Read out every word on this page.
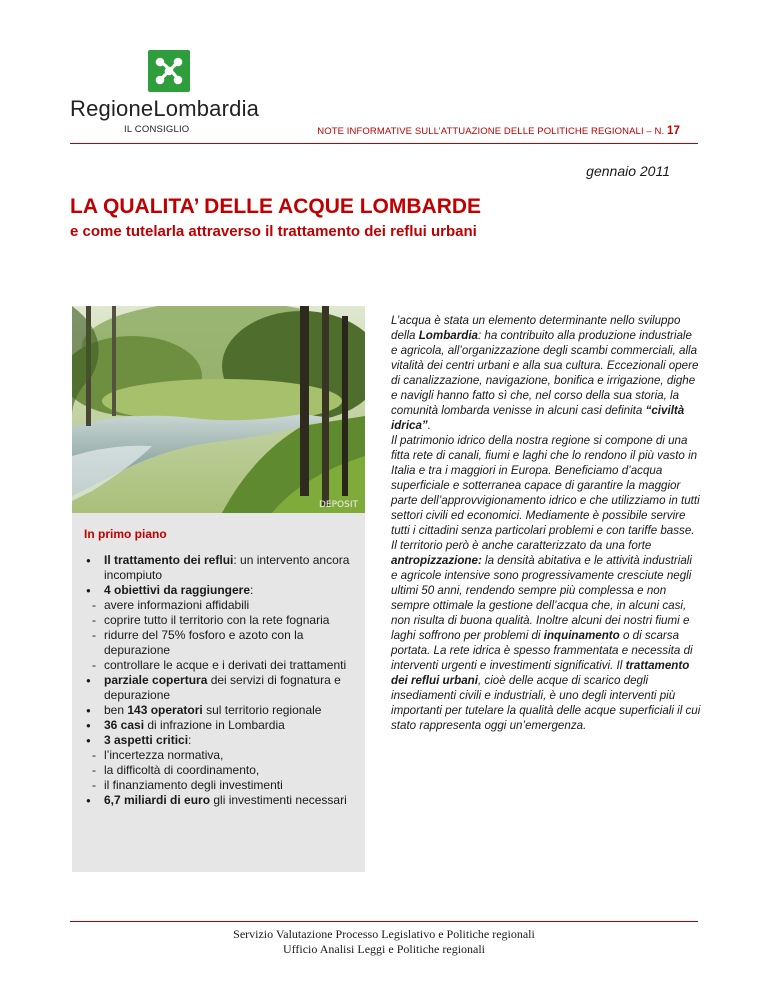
RegioneLombardia
IL CONSIGLIO	NOTE INFORMATIVE SULL’ATTUAZIONE DELLE POLITICHE REGIONALI – N. 17
gennaio 2011
LA QUALITA’ DELLE ACQUE LOMBARDE
e come tutelarla attraverso il trattamento dei reflui urbani
DEPOSIT
In primo piano
● Il trattamento dei reflui: un intervento ancora incompiuto
● 4 obiettivi da raggiungere:
- avere informazioni affidabili
- coprire tutto il territorio con la rete fognaria
- ridurre del 75% fosforo e azoto con la depurazione
- controllare le acque e i derivati dei trattamenti
● parziale copertura dei servizi di fognatura e depurazione
● ben 143 operatori sul territorio regionale
● 36 casi di infrazione in Lombardia
● 3 aspetti critici:
- l’incertezza normativa,
- la difficoltà di coordinamento,
- il finanziamento degli investimenti
● 6,7 miliardi di euro gli investimenti necessari

L’acqua è stata un elemento determinante nello sviluppo della Lombardia: ha contribuito alla produzione industriale e agricola, all’organizzazione degli scambi commerciali, alla vitalità dei centri urbani e alla sua cultura. Eccezionali opere di canalizzazione, navigazione, bonifica e irrigazione, dighe e navigli hanno fatto sì che, nel corso della sua storia, la comunità lombarda venisse in alcuni casi definita “civiltà idrica”.
Il patrimonio idrico della nostra regione si compone di una fitta rete di canali, fiumi e laghi che lo rendono il più vasto in Italia e tra i maggiori in Europa. Beneficiamo d’acqua superficiale e sotterranea capace di garantire la maggior parte dell’approvvigionamento idrico e che utilizziamo in tutti settori civili ed economici. Mediamente è possibile servire tutti i cittadini senza particolari problemi e con tariffe basse.
Il territorio però è anche caratterizzato da una forte antropizzazione: la densità abitativa e le attività industriali e agricole intensive sono progressivamente cresciute negli ultimi 50 anni, rendendo sempre più complessa e non sempre ottimale la gestione dell’acqua che, in alcuni casi, non risulta di buona qualità. Inoltre alcuni dei nostri fiumi e laghi soffrono per problemi di inquinamento o di scarsa portata. La rete idrica è spesso frammentata e necessita di interventi urgenti e investimenti significativi. Il trattamento dei reflui urbani, cioè delle acque di scarico degli insediamenti civili e industriali, è uno degli interventi più importanti per tutelare la qualità delle acque superficiali il cui stato rappresenta oggi un’emergenza.

Servizio Valutazione Processo Legislativo e Politiche regionali
Ufficio Analisi Leggi e Politiche regionali
